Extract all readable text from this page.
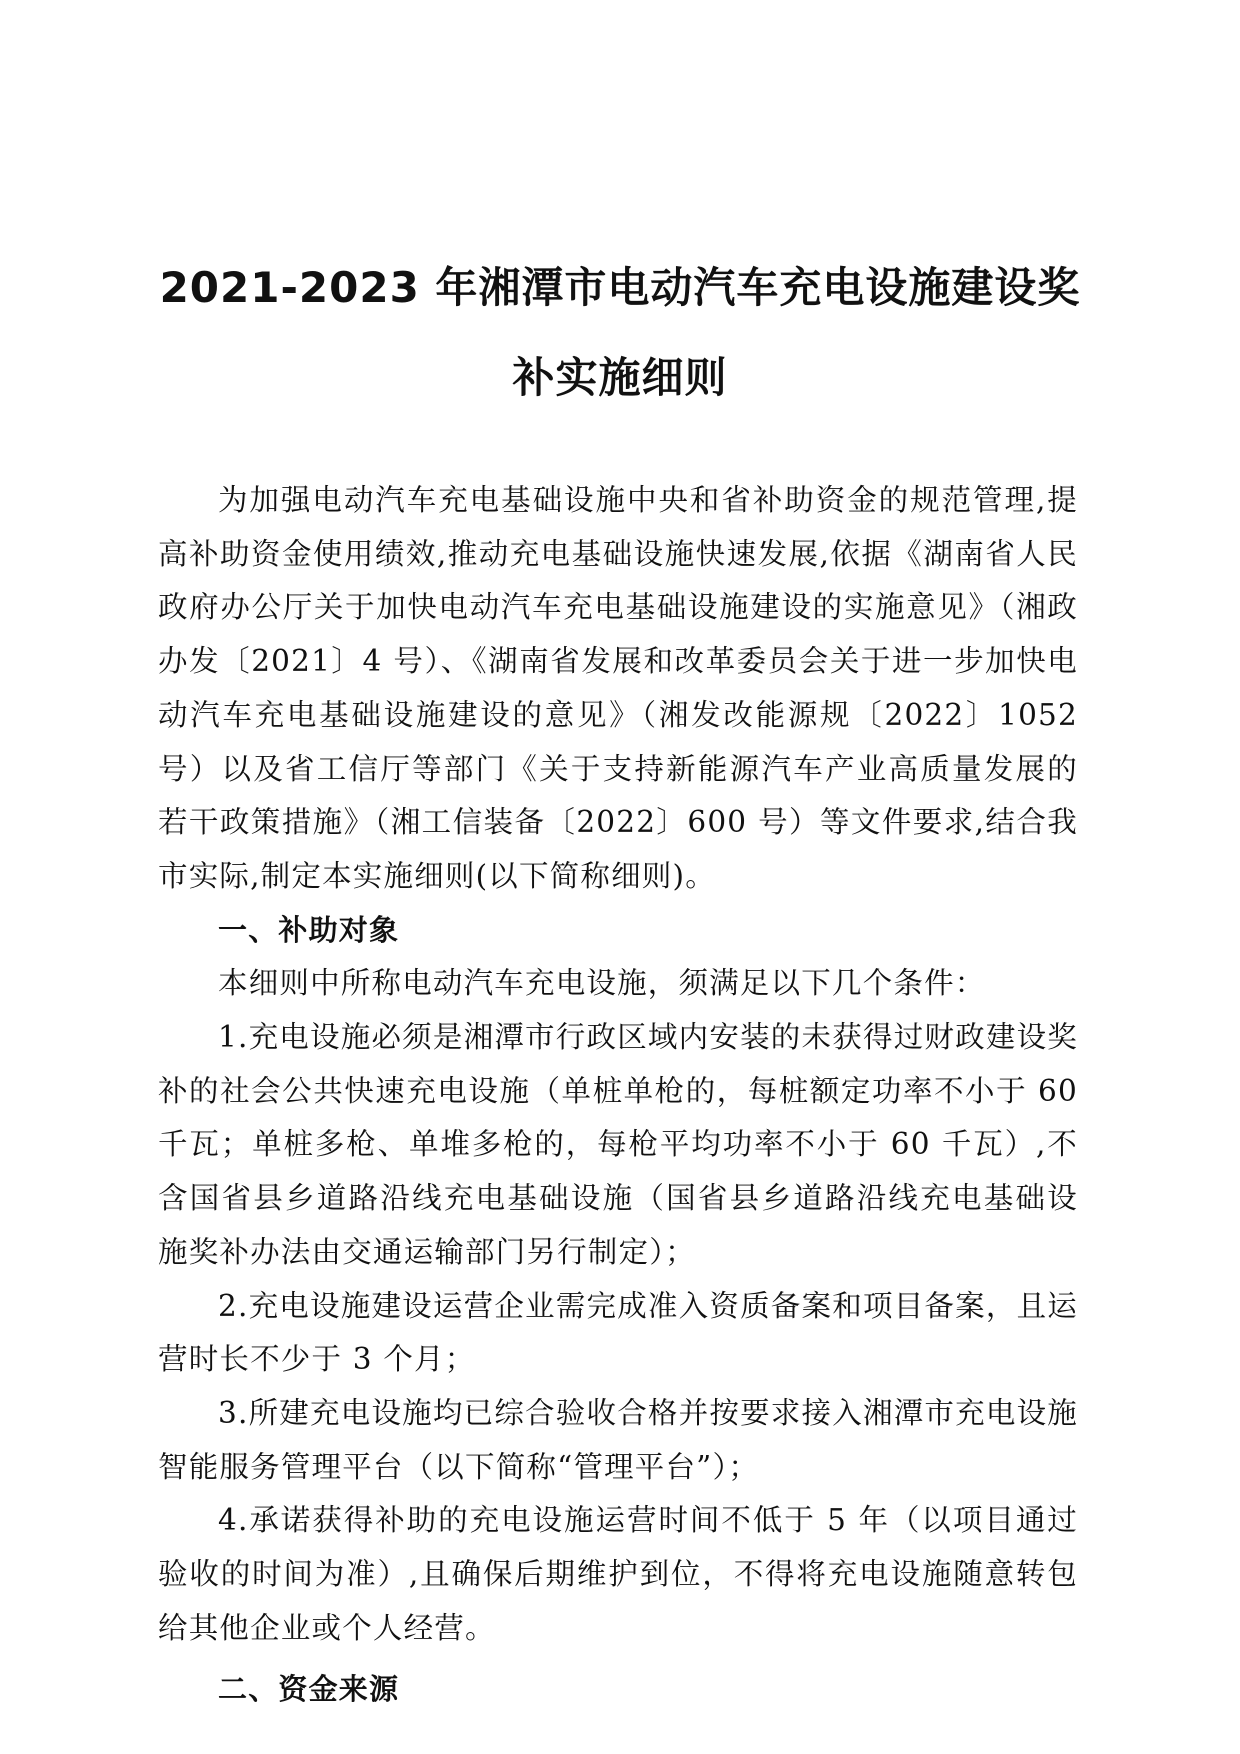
2021-2023 年湘潭市电动汽车充电设施建设奖
补实施细则

为加强电动汽车充电基础设施中央和省补助资金的规范管理,提高补助资金使用绩效,推动充电基础设施快速发展,依据《湖南省人民政府办公厅关于加快电动汽车充电基础设施建设的实施意见》（湘政办发〔2021〕4 号）、《湖南省发展和改革委员会关于进一步加快电动汽车充电基础设施建设的意见》（湘发改能源规〔2022〕1052 号）以及省工信厅等部门《关于支持新能源汽车产业高质量发展的若干政策措施》（湘工信装备〔2022〕600 号）等文件要求,结合我市实际,制定本实施细则(以下简称细则)。

一、补助对象

本细则中所称电动汽车充电设施，须满足以下几个条件：

1.充电设施必须是湘潭市行政区域内安装的未获得过财政建设奖补的社会公共快速充电设施（单桩单枪的，每桩额定功率不小于 60 千瓦；单桩多枪、单堆多枪的，每枪平均功率不小于 60 千瓦）,不含国省县乡道路沿线充电基础设施（国省县乡道路沿线充电基础设施奖补办法由交通运输部门另行制定）；

2.充电设施建设运营企业需完成准入资质备案和项目备案，且运营时长不少于 3 个月；

3.所建充电设施均已综合验收合格并按要求接入湘潭市充电设施智能服务管理平台（以下简称“管理平台”）；

4.承诺获得补助的充电设施运营时间不低于 5 年（以项目通过验收的时间为准）,且确保后期维护到位，不得将充电设施随意转包给其他企业或个人经营。

二、资金来源
